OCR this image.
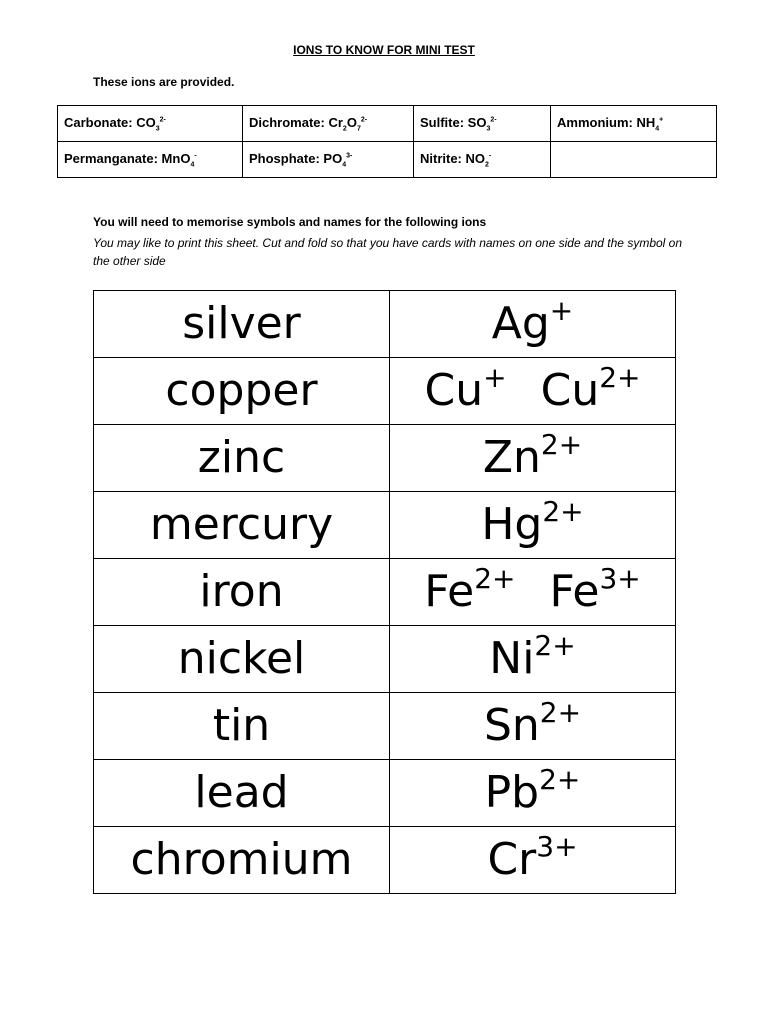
IONS TO KNOW FOR MINI TEST
These ions are provided.
Carbonate: $CO_3^{2-}$	Dichromate: $Cr_2O_7^{2-}$	Sulfite: $SO_3^{2-}$	Ammonium: $NH_4^+$
Permanganate: MnO$_4$-	Phosphate: $PO_4^{3-}$	Nitrite: $NO_2^-$	
You will need to memorise symbols and names for the following ions
You may like to print this sheet. Cut and fold so that you have cards with names on one side and the symbol on the other side
silver	Ag+
copper	Cu+ $Cu^{2+}$
zinc	$Zn^{2+}$
mercury	$Hg^{2+}$
iron	$Fe^{2+}$ $Fe^{3+}$
nickel	$Ni^{2+}$
tin	$Sn^{2+}$
lead	$Pb^{2+}$
chromium	$Cr^{3+}$
